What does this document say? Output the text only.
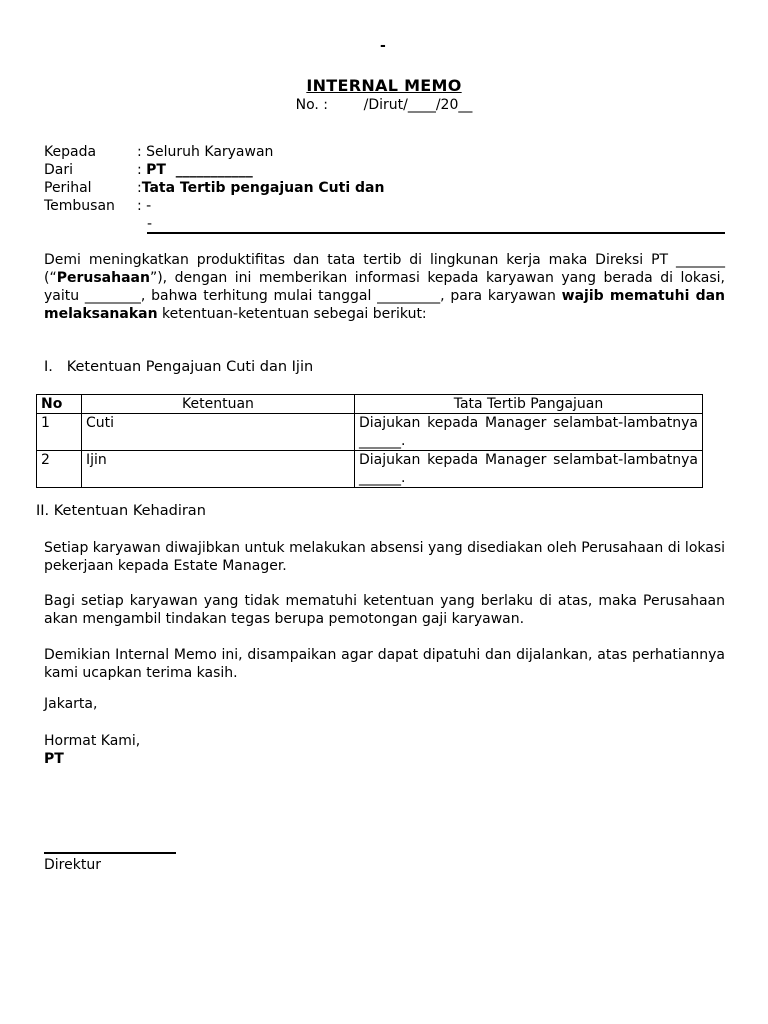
-
INTERNAL MEMO
No. :        /Dirut/____/20__
Kepada	: Seluruh Karyawan
Dari	: PT  ___________
Perihal	:Tata Tertib pengajuan Cuti dan
Tembusan	: -
-
Demi meningkatkan produktifitas dan tata tertib di lingkunan kerja maka Direksi PT _______ (“Perusahaan”), dengan ini memberikan informasi kepada karyawan yang berada di lokasi, yaitu ________, bahwa terhitung mulai tanggal _________, para karyawan wajib mematuhi dan melaksanakan ketentuan-ketentuan sebegai berikut:
I.   Ketentuan Pengajuan Cuti dan Ijin
No	Ketentuan	Tata Tertib Pangajuan
1	Cuti	Diajukan kepada Manager selambat-lambatnya ______.
2	Ijin	Diajukan kepada Manager selambat-lambatnya ______.
II. Ketentuan Kehadiran
Setiap karyawan diwajibkan untuk melakukan absensi yang disediakan oleh Perusahaan di lokasi pekerjaan kepada Estate Manager.
Bagi setiap karyawan yang tidak mematuhi ketentuan yang berlaku di atas, maka Perusahaan akan mengambil tindakan tegas berupa pemotongan gaji karyawan.
Demikian Internal Memo ini, disampaikan agar dapat dipatuhi dan dijalankan, atas perhatiannya kami ucapkan terima kasih.
Jakarta,
Hormat Kami,
PT
Direktur
